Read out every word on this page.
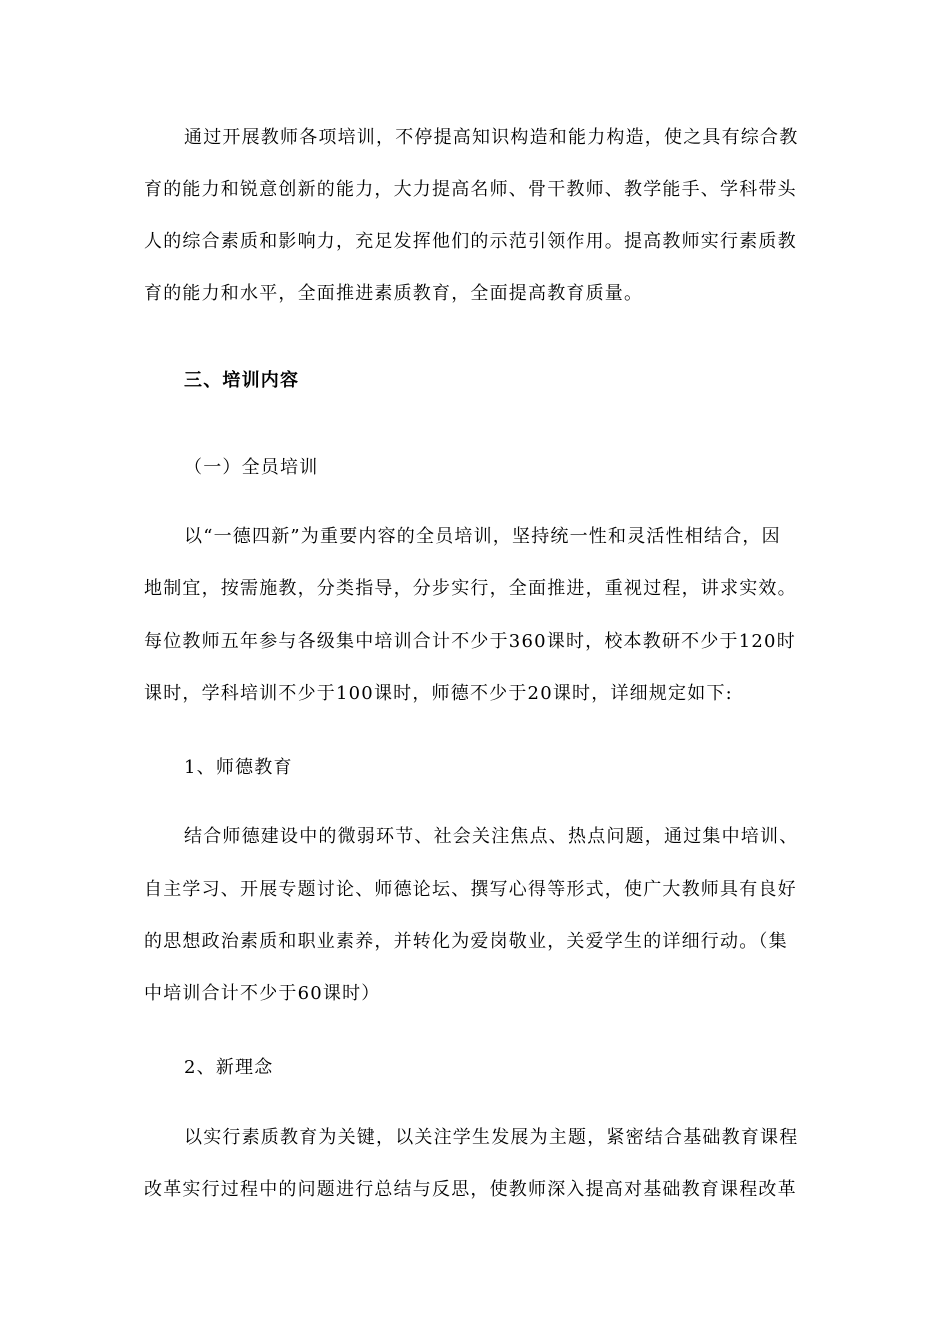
通过开展教师各项培训，不停提高知识构造和能力构造，使之具有综合教
育的能力和锐意创新的能力，大力提高名师、骨干教师、教学能手、学科带头
人的综合素质和影响力，充足发挥他们的示范引领作用。提高教师实行素质教
育的能力和水平，全面推进素质教育，全面提高教育质量。
三、培训内容
（一）全员培训
以“一德四新”为重要内容的全员培训，坚持统一性和灵活性相结合，因
地制宜，按需施教，分类指导，分步实行，全面推进，重视过程，讲求实效。
每位教师五年参与各级集中培训合计不少于360课时，校本教研不少于120时
课时，学科培训不少于100课时，师德不少于20课时，详细规定如下:
1、师德教育
结合师德建设中的微弱环节、社会关注焦点、热点问题，通过集中培训、
自主学习、开展专题讨论、师德论坛、撰写心得等形式，使广大教师具有良好
的思想政治素质和职业素养，并转化为爱岗敬业，关爱学生的详细行动。（集
中培训合计不少于60课时）
2、新理念
以实行素质教育为关键，以关注学生发展为主题，紧密结合基础教育课程
改革实行过程中的问题进行总结与反思，使教师深入提高对基础教育课程改革
